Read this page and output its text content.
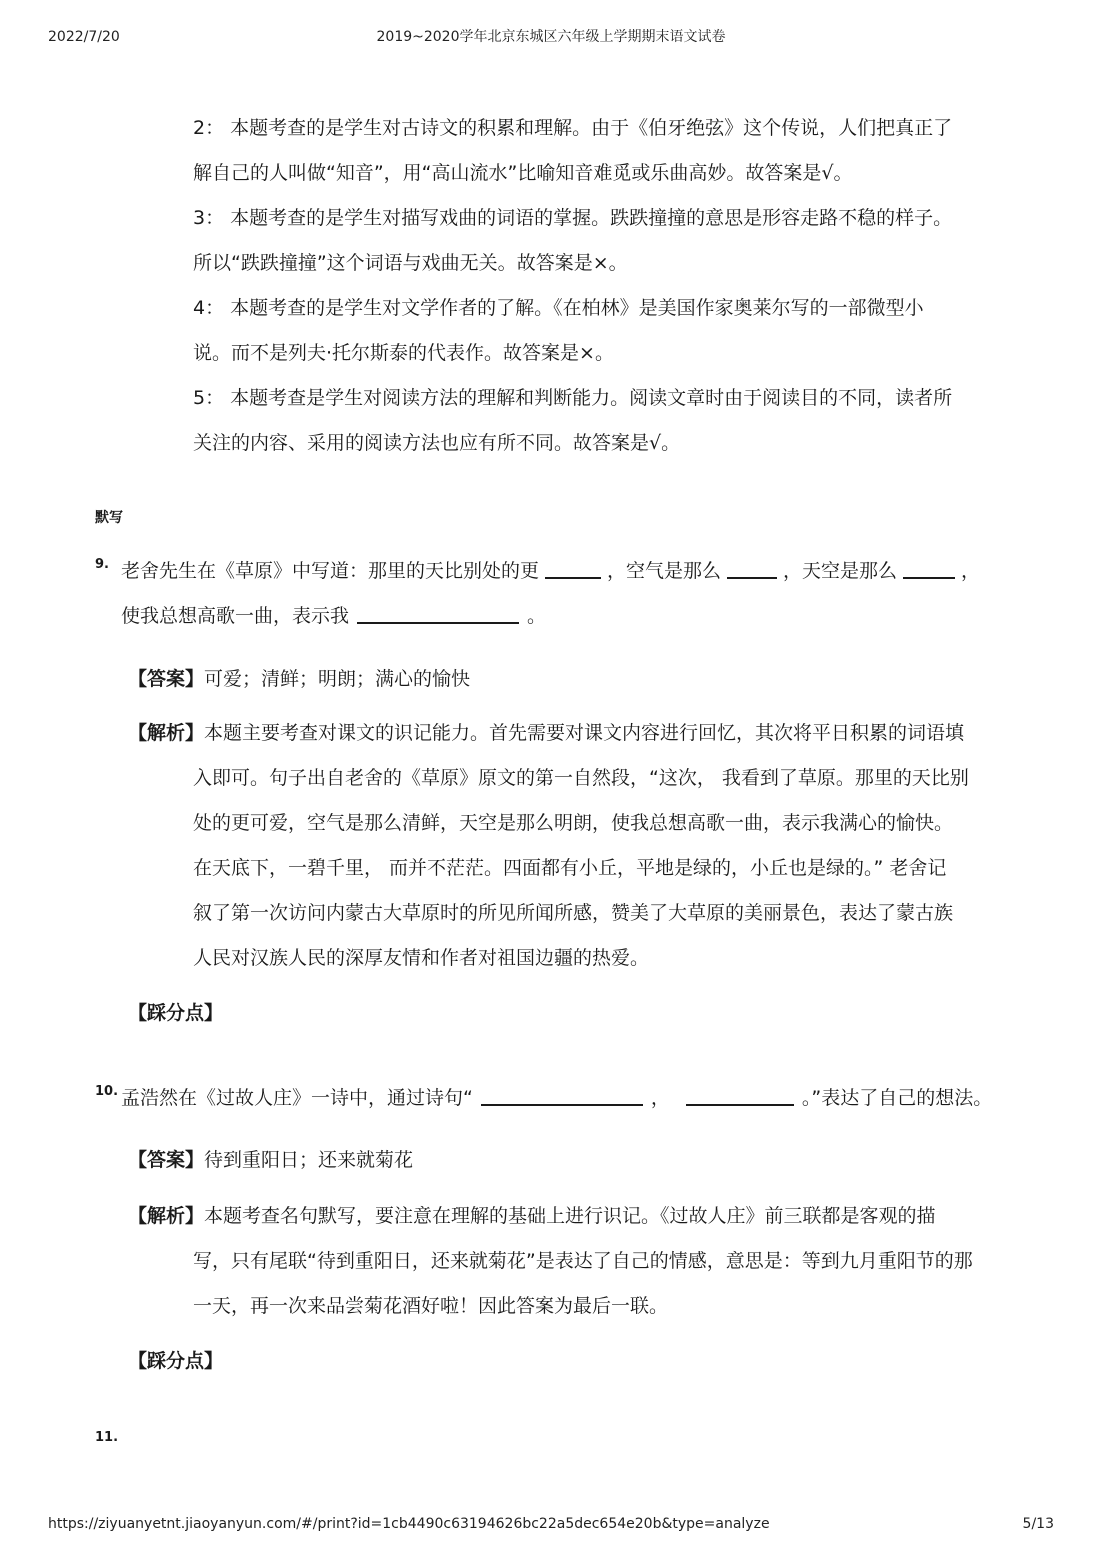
2022/7/20	2019~2020学年北京东城区六年级上学期期末语文试卷
2： 本题考查的是学生对古诗文的积累和理解。由于《伯牙绝弦》这个传说，人们把真正了
解自己的人叫做“知音”，用“高山流水”比喻知音难觅或乐曲高妙。故答案是√。
3： 本题考查的是学生对描写戏曲的词语的掌握。跌跌撞撞的意思是形容走路不稳的样子。
所以“跌跌撞撞”这个词语与戏曲无关。故答案是×。
4： 本题考查的是学生对文学作者的了解。《在柏林》是美国作家奥莱尔写的一部微型小
说。而不是列夫·托尔斯泰的代表作。故答案是×。
5： 本题考查是学生对阅读方法的理解和判断能力。阅读文章时由于阅读目的不同，读者所
关注的内容、采用的阅读方法也应有所不同。故答案是√。
默写
9. 老舍先生在《草原》中写道：那里的天比别处的更	，空气是那么	，天空是那么	，
使我总想高歌一曲，表示我	。
【答案】可爱；清鲜；明朗；满心的愉快
【解析】本题主要考查对课文的识记能力。首先需要对课文内容进行回忆，其次将平日积累的词语填
入即可。句子出自老舍的《草原》原文的第一自然段，“这次， 我看到了草原。那里的天比别
处的更可爱，空气是那么清鲜，天空是那么明朗，使我总想高歌一曲，表示我满心的愉快。
在天底下，一碧千里， 而并不茫茫。四面都有小丘，平地是绿的，小丘也是绿的。” 老舍记
叙了第一次访问内蒙古大草原时的所见所闻所感，赞美了大草原的美丽景色，表达了蒙古族
人民对汉族人民的深厚友情和作者对祖国边疆的热爱。
【踩分点】
10. 孟浩然在《过故人庄》一诗中，通过诗句“	，	。”表达了自己的想法。
【答案】待到重阳日；还来就菊花
【解析】本题考查名句默写，要注意在理解的基础上进行识记。《过故人庄》前三联都是客观的描
写，只有尾联“待到重阳日，还来就菊花”是表达了自己的情感，意思是：等到九月重阳节的那
一天，再一次来品尝菊花酒好啦！因此答案为最后一联。
【踩分点】
11.
https://ziyuanyetnt.jiaoyanyun.com/#/print?id=1cb4490c63194626bc22a5dec654e20b&type=analyze	5/13
